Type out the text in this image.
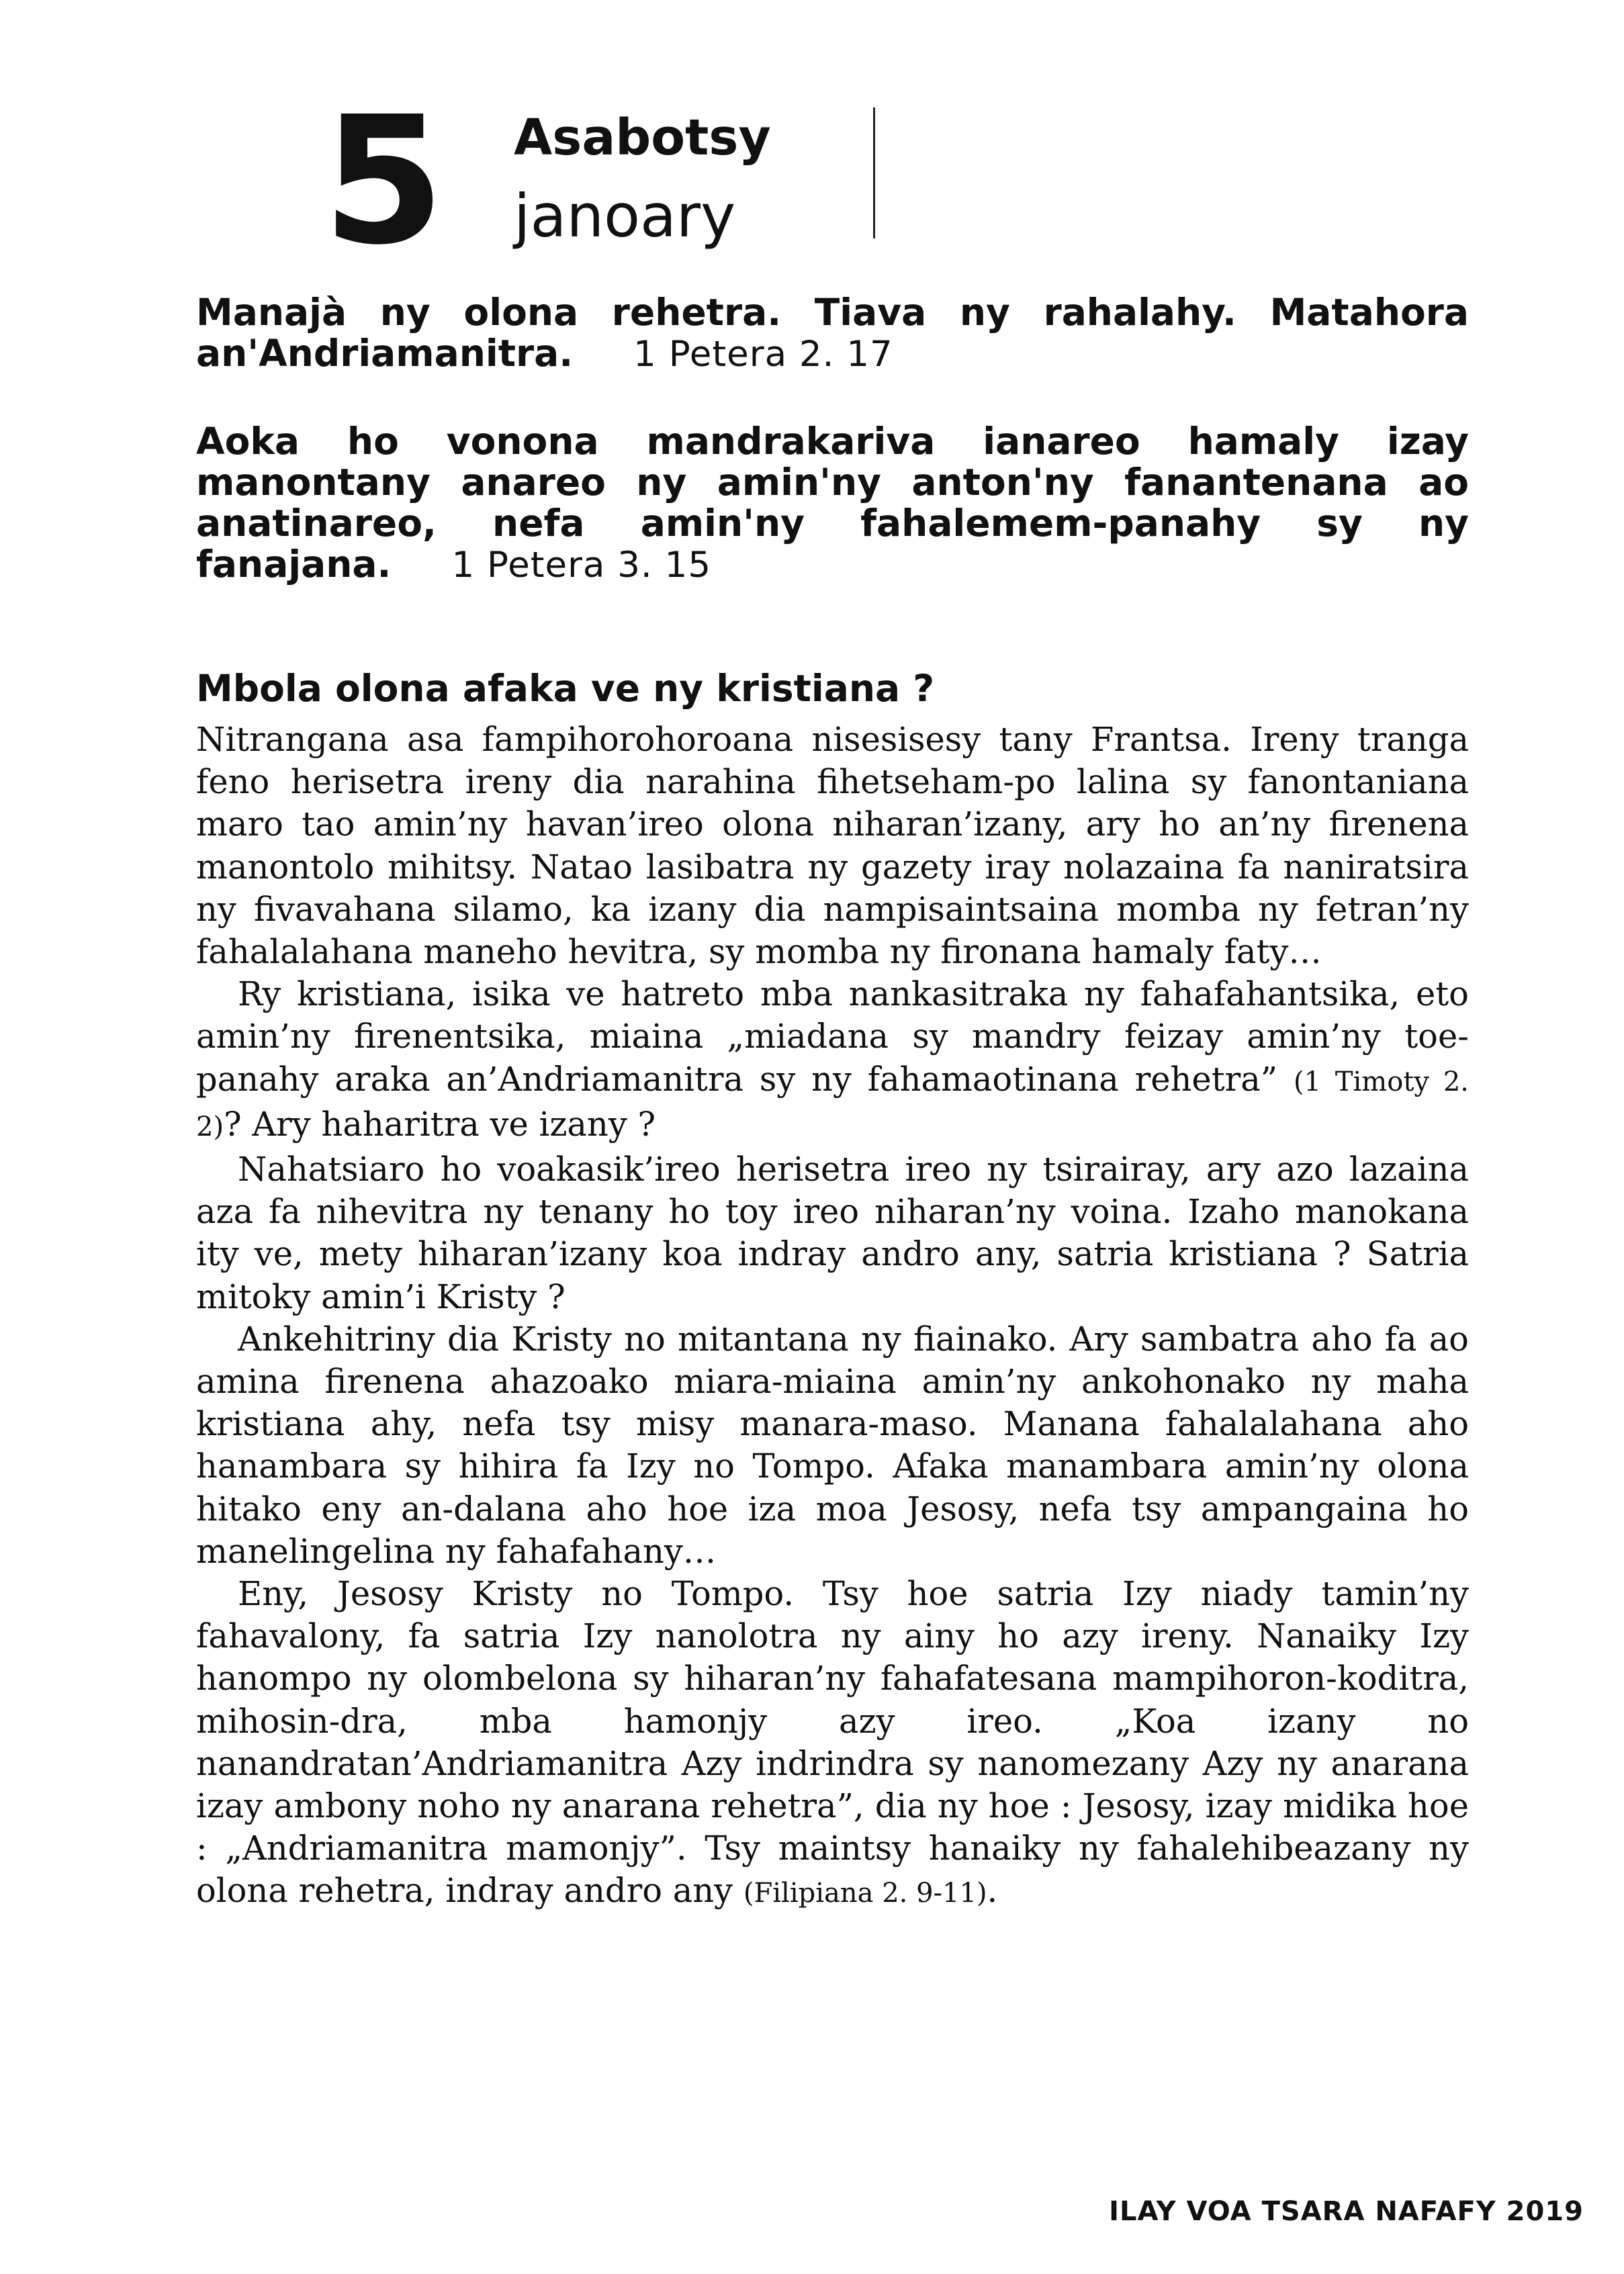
5 Asabotsy
janoary
Manajà ny olona rehetra. Tiava ny rahalahy. Matahora an'Andriamanitra. 1 Petera 2. 17
Aoka ho vonona mandrakariva ianareo hamaly izay manontany anareo ny amin'ny anton'ny fanantenana ao anatinareo, nefa amin'ny fahalemem-panahy sy ny fanajana. 1 Petera 3. 15
Mbola olona afaka ve ny kristiana ?

Nitrangana asa fampihorohoroana nisesisesy tany Frantsa. Ireny tranga feno herisetra ireny dia narahina fihetseham-po lalina sy fanontaniana maro tao amin’ny havan’ireo olona niharan’izany, ary ho an’ny firenena manontolo mihitsy. Natao lasibatra ny gazety iray nolazaina fa naniratsira ny fivavahana silamo, ka izany dia nampisaintsaina momba ny fetran’ny fahalalahana maneho hevitra, sy momba ny fironana hamaly faty…

Ry kristiana, isika ve hatreto mba nankasitraka ny fahafahantsika, eto amin’ny firenentsika, miaina „miadana sy mandry feizay amin’ny toe-panahy araka an’Andriamanitra sy ny fahamaotinana rehetra” (1 Timoty 2. 2)? Ary haharitra ve izany ?

Nahatsiaro ho voakasik’ireo herisetra ireo ny tsirairay, ary azo lazaina aza fa nihevitra ny tenany ho toy ireo niharan’ny voina. Izaho manokana ity ve, mety hiharan’izany koa indray andro any, satria kristiana ? Satria mitoky amin’i Kristy ?

Ankehitriny dia Kristy no mitantana ny fiainako. Ary sambatra aho fa ao amina firenena ahazoako miara-miaina amin’ny ankohonako ny maha kristiana ahy, nefa tsy misy manara-maso. Manana fahalalahana aho hanambara sy hihira fa Izy no Tompo. Afaka manambara amin’ny olona hitako eny an-dalana aho hoe iza moa Jesosy, nefa tsy ampangaina ho manelingelina ny fahafahany…

Eny, Jesosy Kristy no Tompo. Tsy hoe satria Izy niady tamin’ny fahavalony, fa satria Izy nanolotra ny ainy ho azy ireny. Nanaiky Izy hanompo ny olombelona sy hiharan’ny fahafatesana mampihoron-koditra, mihosin-dra, mba hamonjy azy ireo. „Koa izany no nanandratan’Andriamanitra Azy indrindra sy nanomezany Azy ny anarana izay ambony noho ny anarana rehetra”, dia ny hoe : Jesosy, izay midika hoe : „Andriamanitra mamonjy”. Tsy maintsy hanaiky ny fahalehibeazany ny olona rehetra, indray andro any (Filipiana 2. 9-11).

ILAY VOA TSARA NAFAFY 2019
